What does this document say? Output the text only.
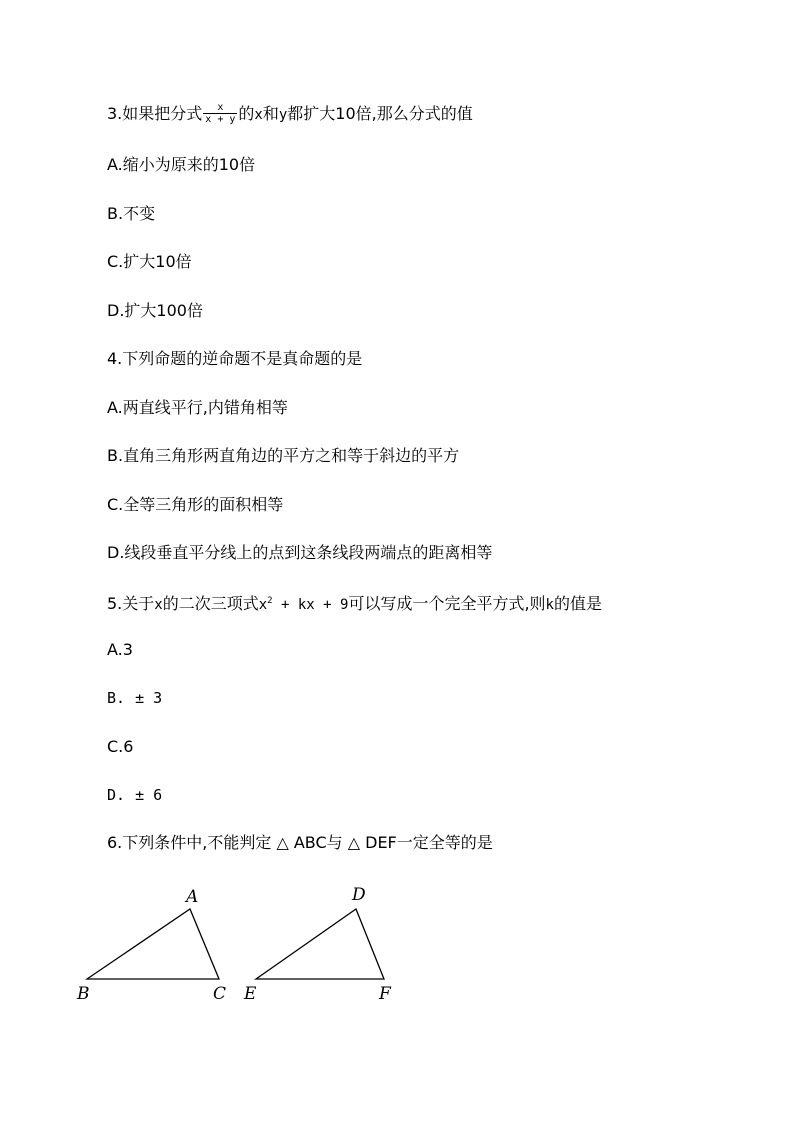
3.如果把分式 $\frac{x}{x + y}$ 的x和y都扩大10倍,那么分式的值
A.缩小为原来的10倍
B.不变
C.扩大10倍
D.扩大100倍
4.下列命题的逆命题不是真命题的是
A.两直线平行,内错角相等
B.直角三角形两直角边的平方之和等于斜边的平方
C.全等三角形的面积相等
D.线段垂直平分线上的点到这条线段两端点的距离相等
5.关于x的二次三项式$x^2$ + kx + 9可以写成一个完全平方式,则k的值是
A.3
B. ± 3
C.6
D. ± 6
6.下列条件中,不能判定 △ ABC与 △ DEF一定全等的是
A
B	C
D
E	F
